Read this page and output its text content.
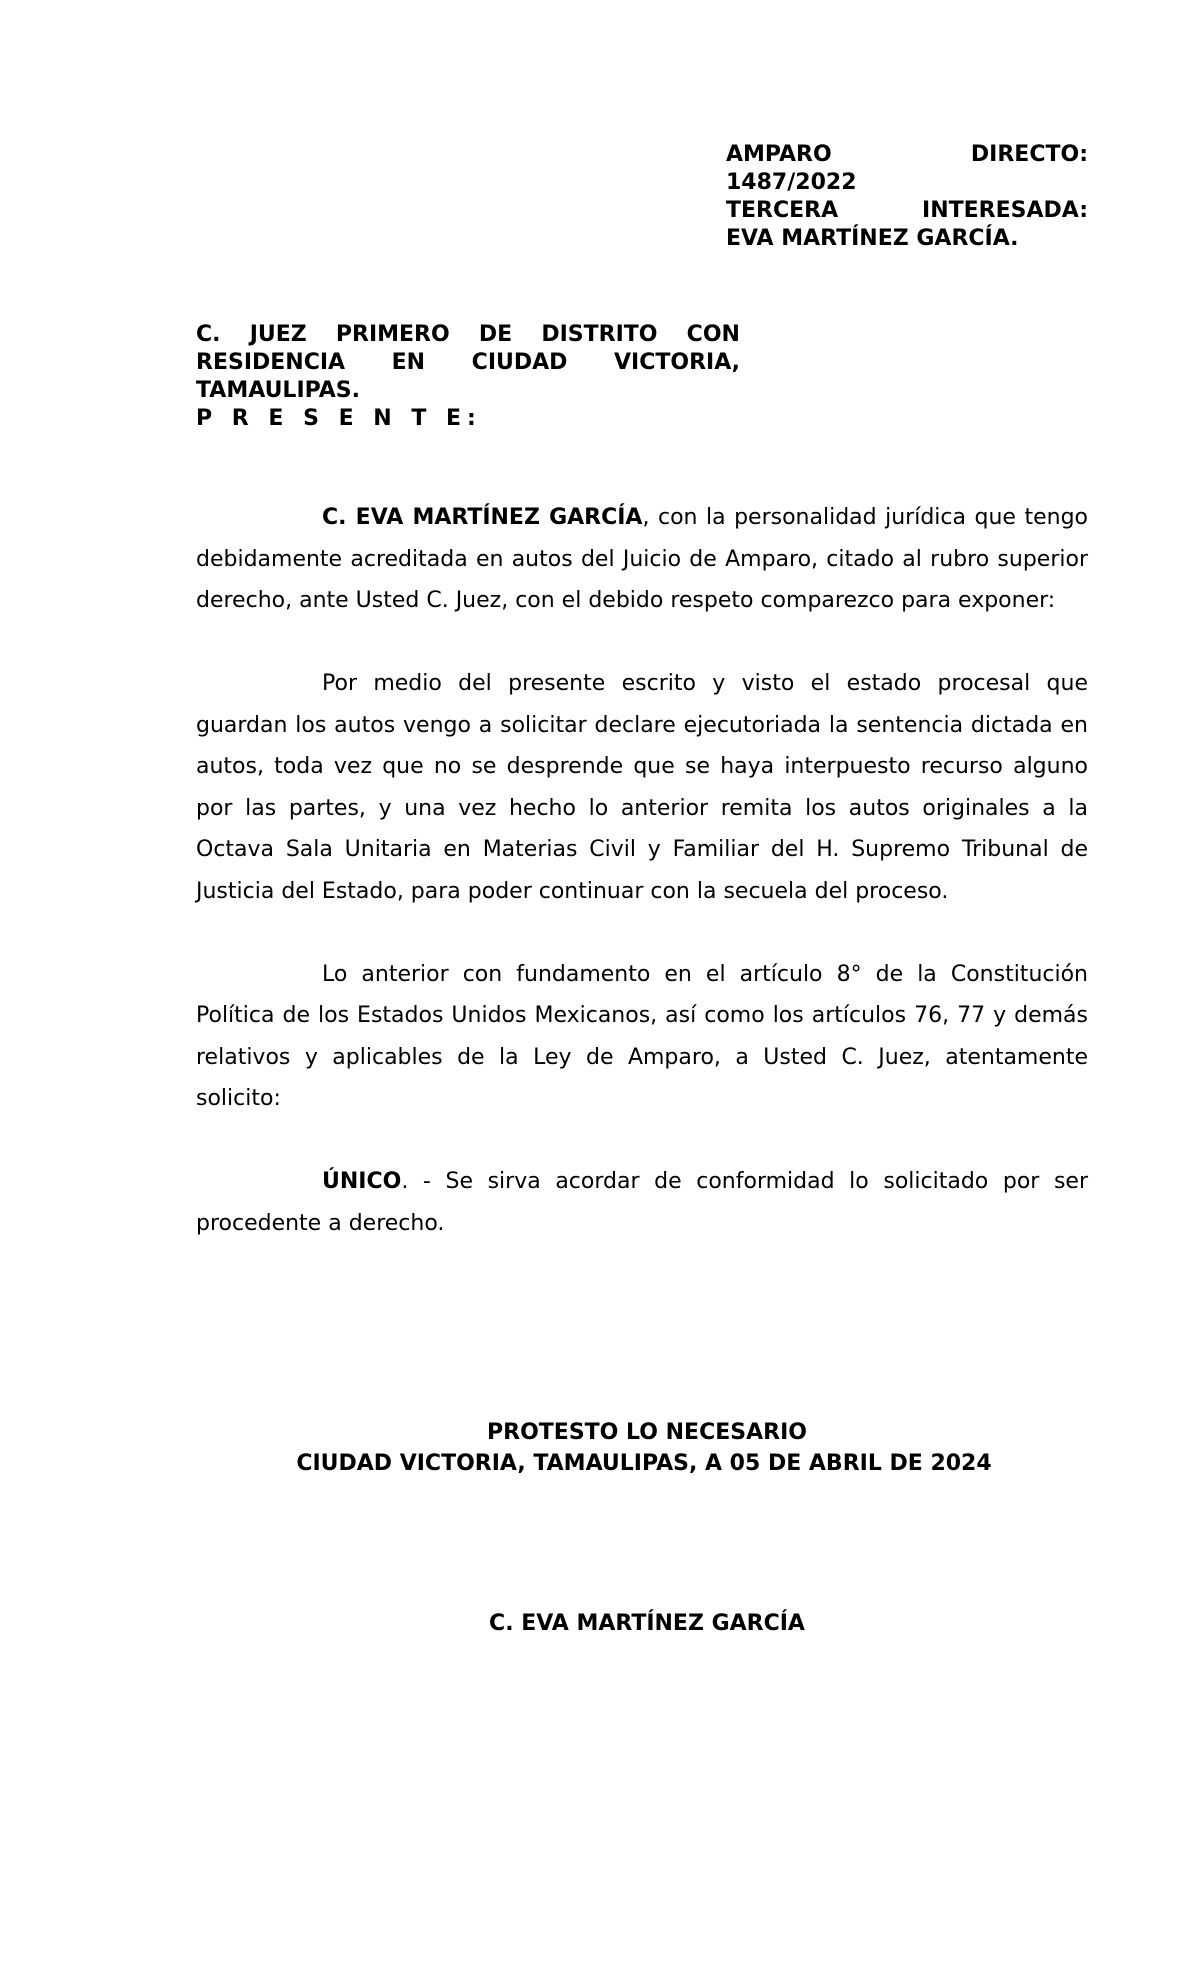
AMPARO	DIRECTO:
1487/2022
TERCERA	INTERESADA:
EVA MARTÍNEZ GARCÍA.
C. JUEZ PRIMERO DE DISTRITO CON
RESIDENCIA EN CIUDAD VICTORIA,
TAMAULIPAS.
P R E S E N T E:

C. EVA MARTÍNEZ GARCÍA, con la personalidad jurídica que tengo debidamente acreditada en autos del Juicio de Amparo, citado al rubro superior derecho, ante Usted C. Juez, con el debido respeto comparezco para exponer:

Por medio del presente escrito y visto el estado procesal que guardan los autos vengo a solicitar declare ejecutoriada la sentencia dictada en autos, toda vez que no se desprende que se haya interpuesto recurso alguno por las partes, y una vez hecho lo anterior remita los autos originales a la Octava Sala Unitaria en Materias Civil y Familiar del H. Supremo Tribunal de Justicia del Estado, para poder continuar con la secuela del proceso.

Lo anterior con fundamento en el artículo 8° de la Constitución Política de los Estados Unidos Mexicanos, así como los artículos 76, 77 y demás relativos y aplicables de la Ley de Amparo, a Usted C. Juez, atentamente solicito:

ÚNICO. - Se sirva acordar de conformidad lo solicitado por ser procedente a derecho.

PROTESTO LO NECESARIO
CIUDAD VICTORIA, TAMAULIPAS, A 05 DE ABRIL DE 2024
C. EVA MARTÍNEZ GARCÍA
